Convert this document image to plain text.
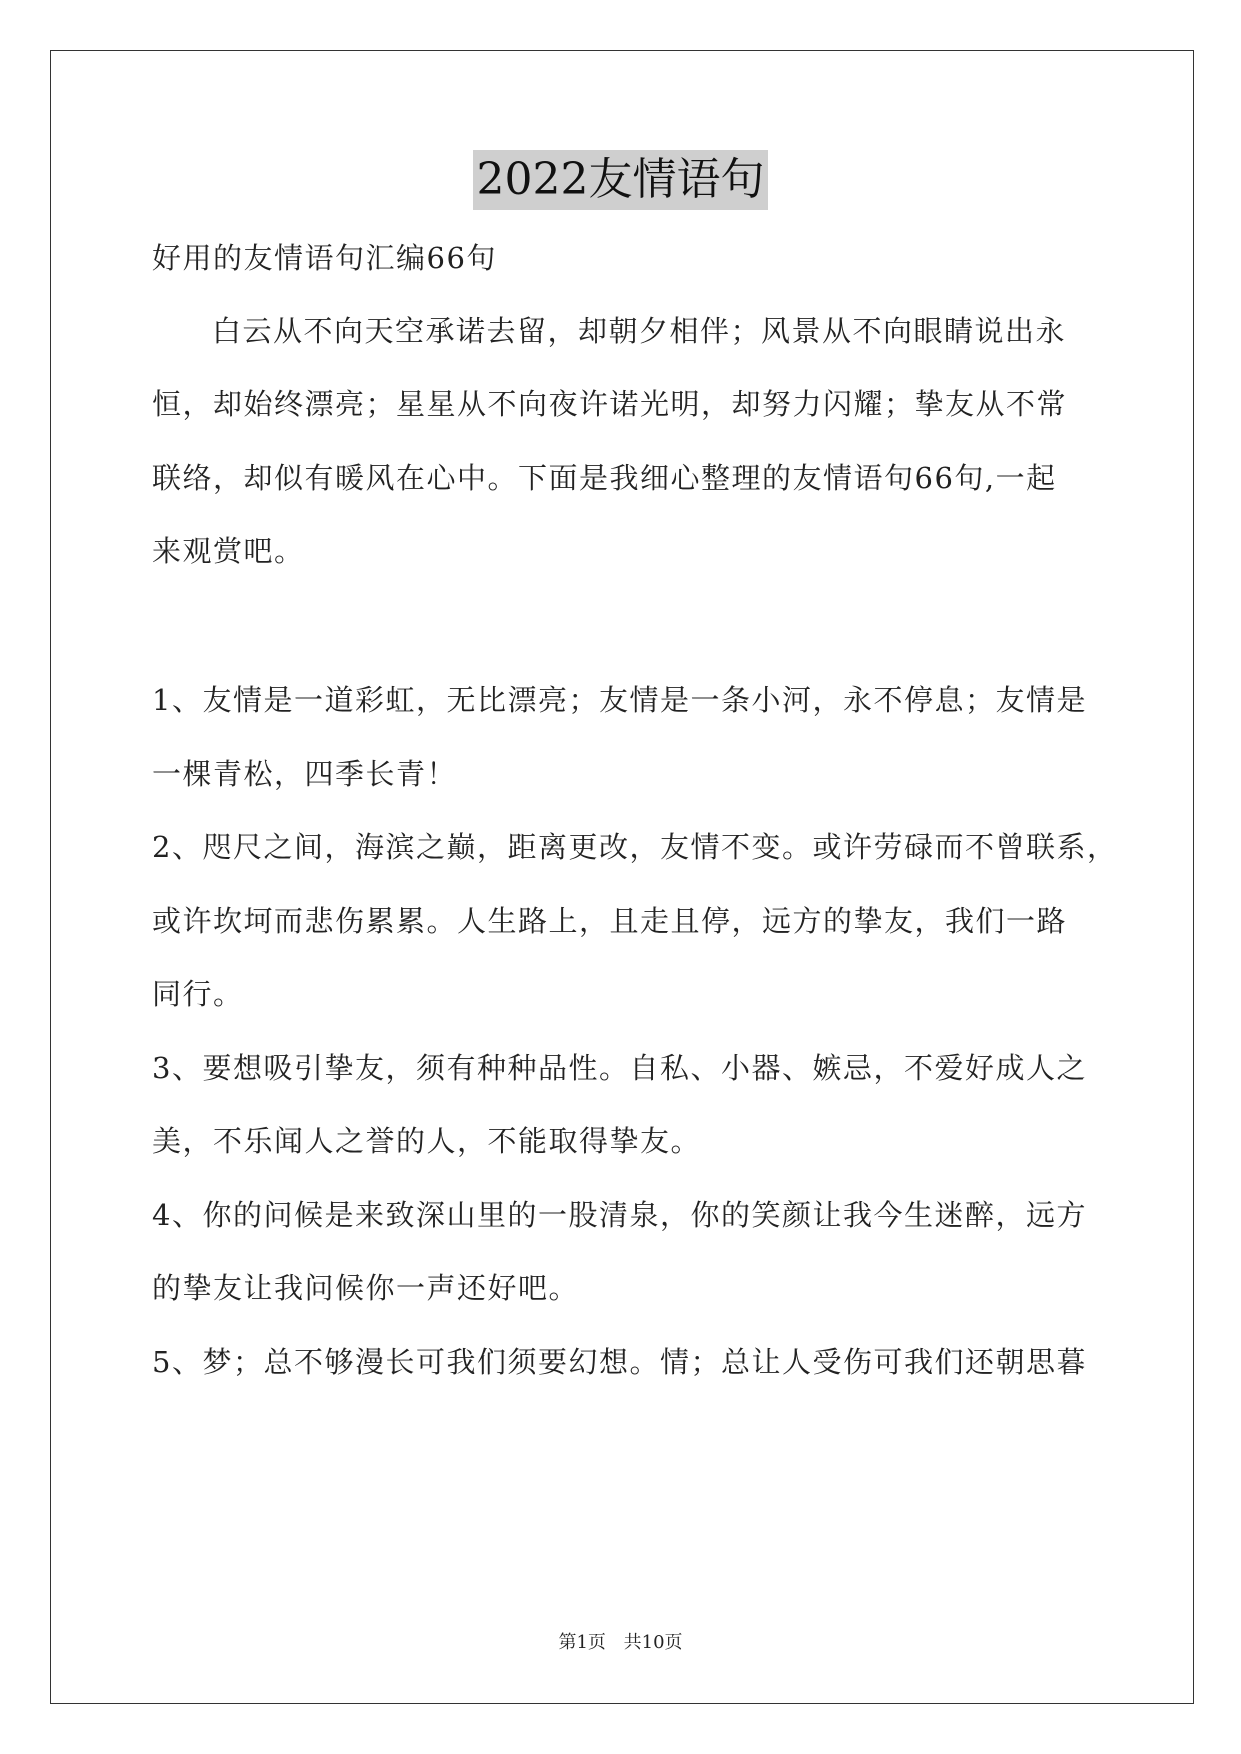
2022友情语句
好用的友情语句汇编66句
白云从不向天空承诺去留，却朝夕相伴；风景从不向眼睛说出永
恒，却始终漂亮；星星从不向夜许诺光明，却努力闪耀；挚友从不常
联络，却似有暖风在心中。下面是我细心整理的友情语句66句,一起
来观赏吧。
1、友情是一道彩虹，无比漂亮；友情是一条小河，永不停息；友情是
一棵青松，四季长青！
2、咫尺之间，海滨之巅，距离更改，友情不变。或许劳碌而不曾联系，
或许坎坷而悲伤累累。人生路上，且走且停，远方的挚友，我们一路
同行。
3、要想吸引挚友，须有种种品性。自私、小器、嫉忌，不爱好成人之
美，不乐闻人之誉的人，不能取得挚友。
4、你的问候是来致深山里的一股清泉，你的笑颜让我今生迷醉，远方
的挚友让我问候你一声还好吧。
5、梦；总不够漫长可我们须要幻想。情；总让人受伤可我们还朝思暮
第1页 共10页
